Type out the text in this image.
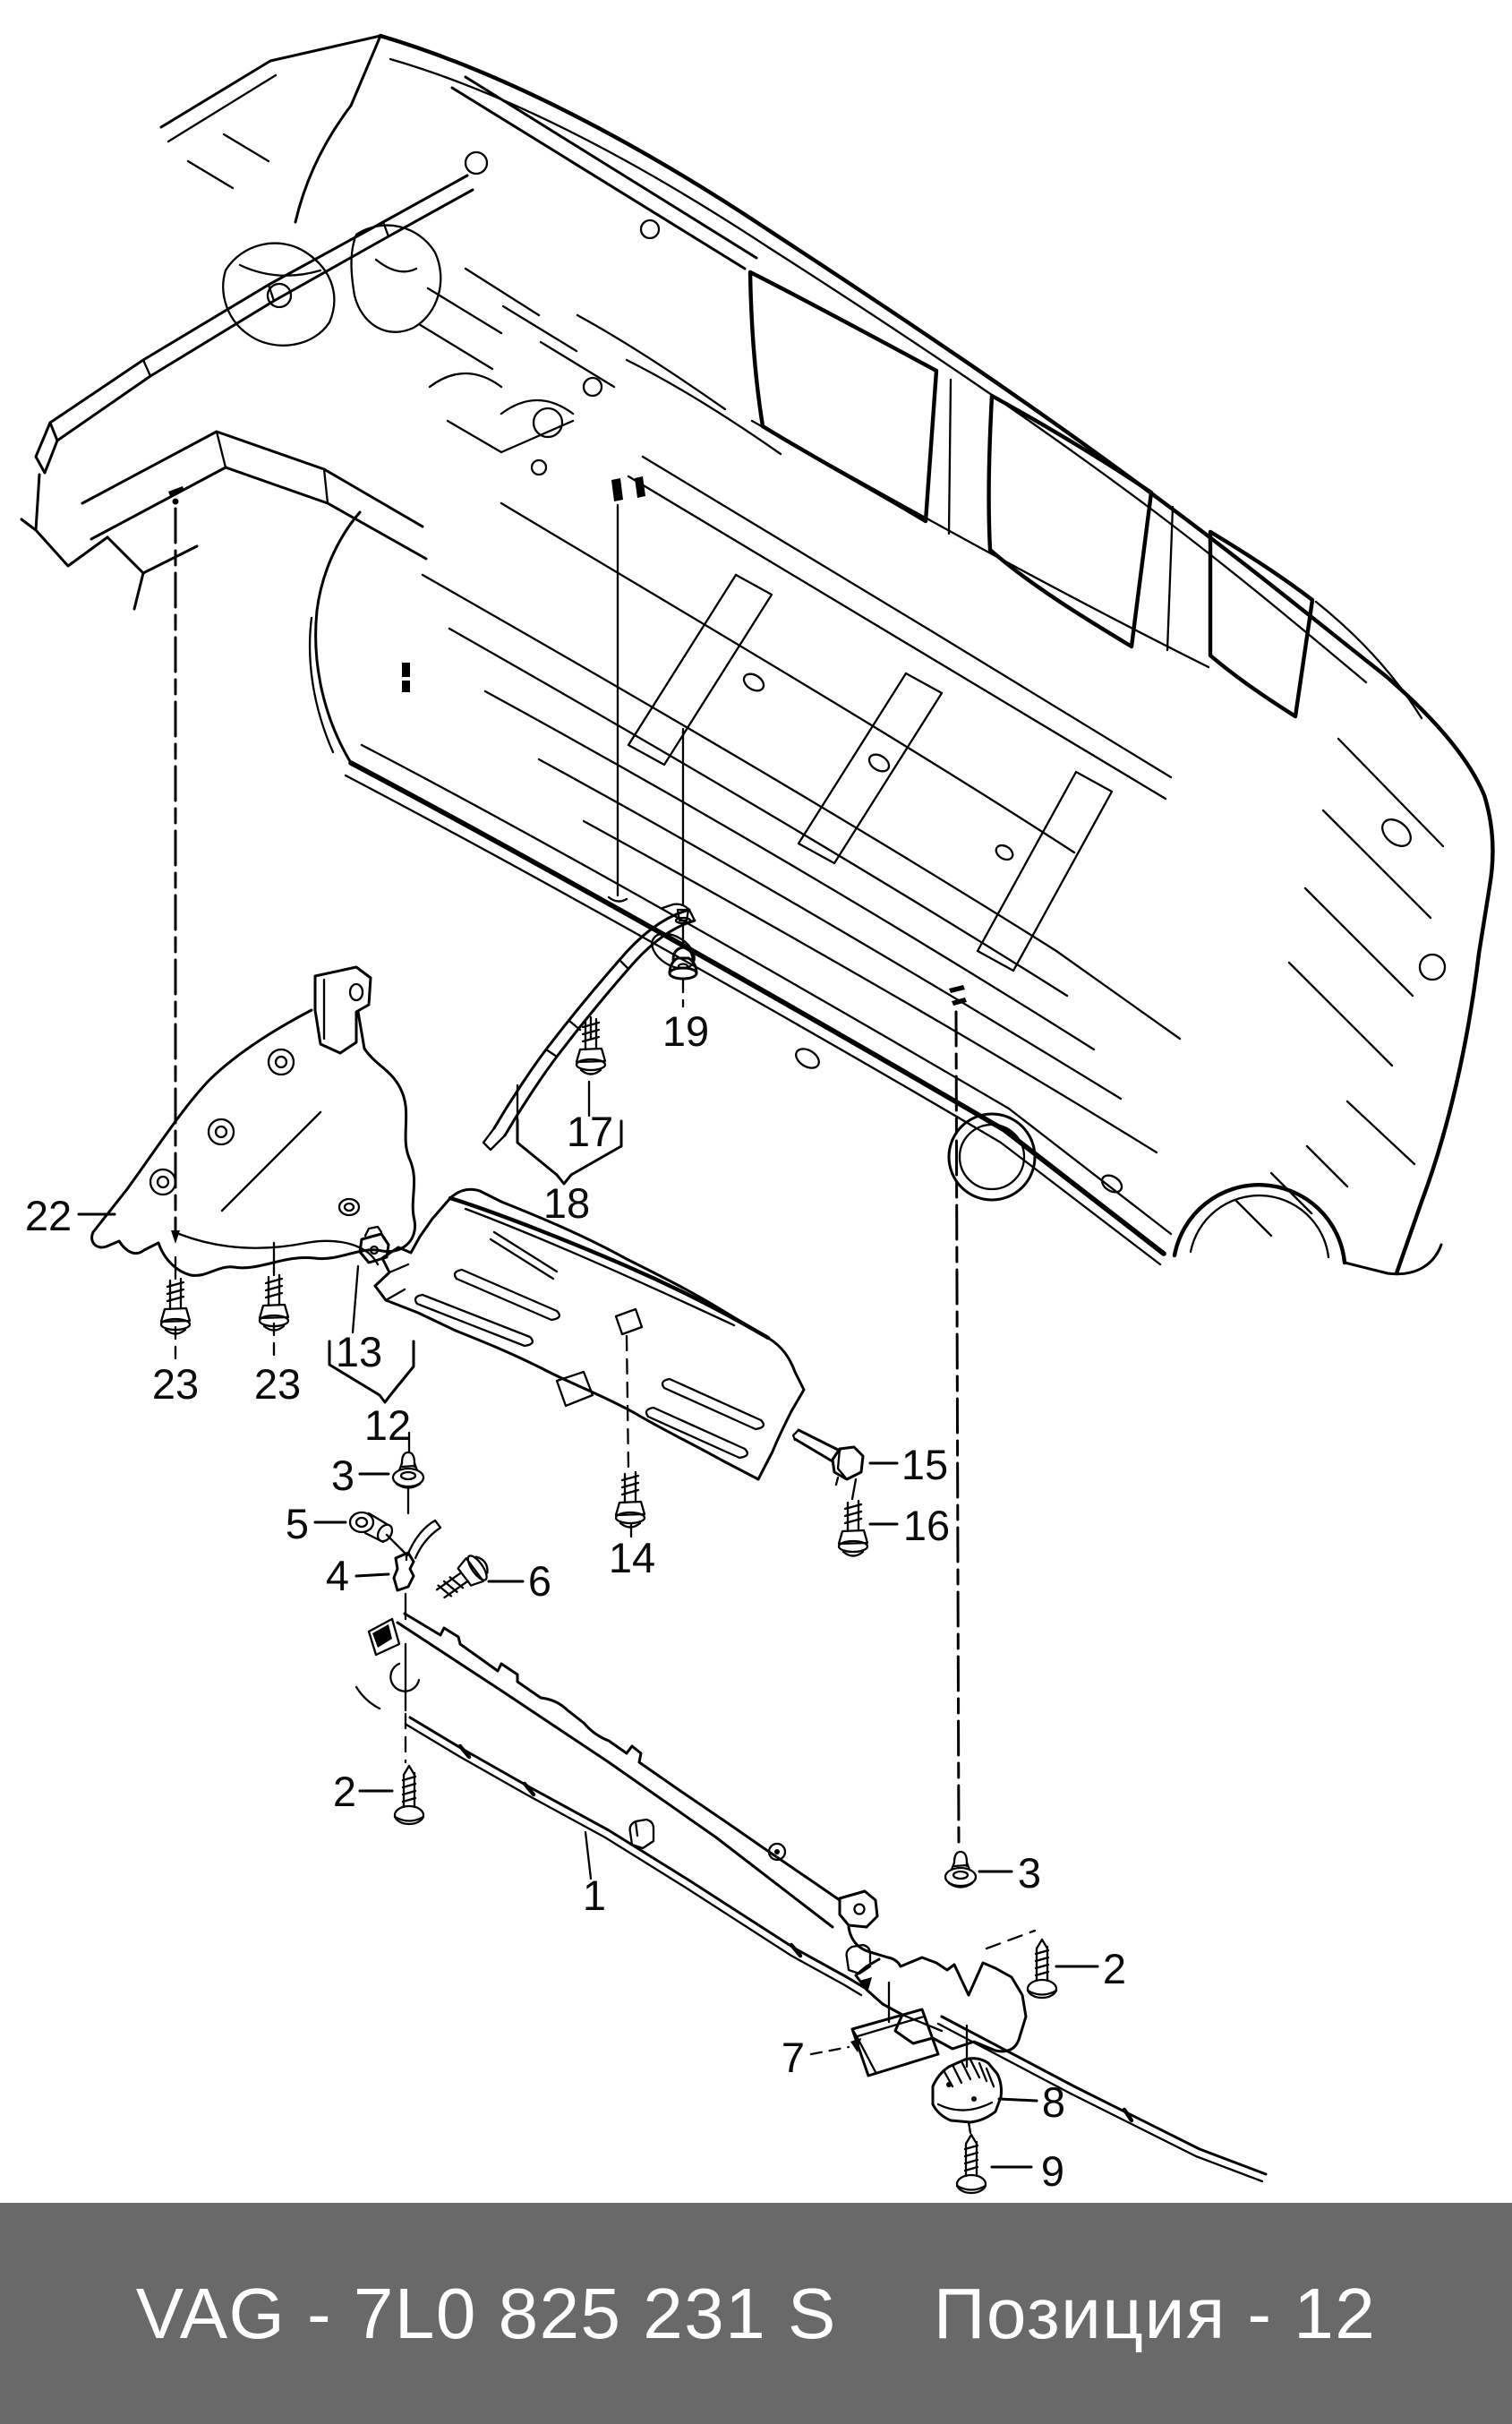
22
23 23
13
12
3
5
4	6
2
14
1
15
16
17
18
19
3
2
7
8
9
VAG - 7L0 825 231 S Позиция - 12
